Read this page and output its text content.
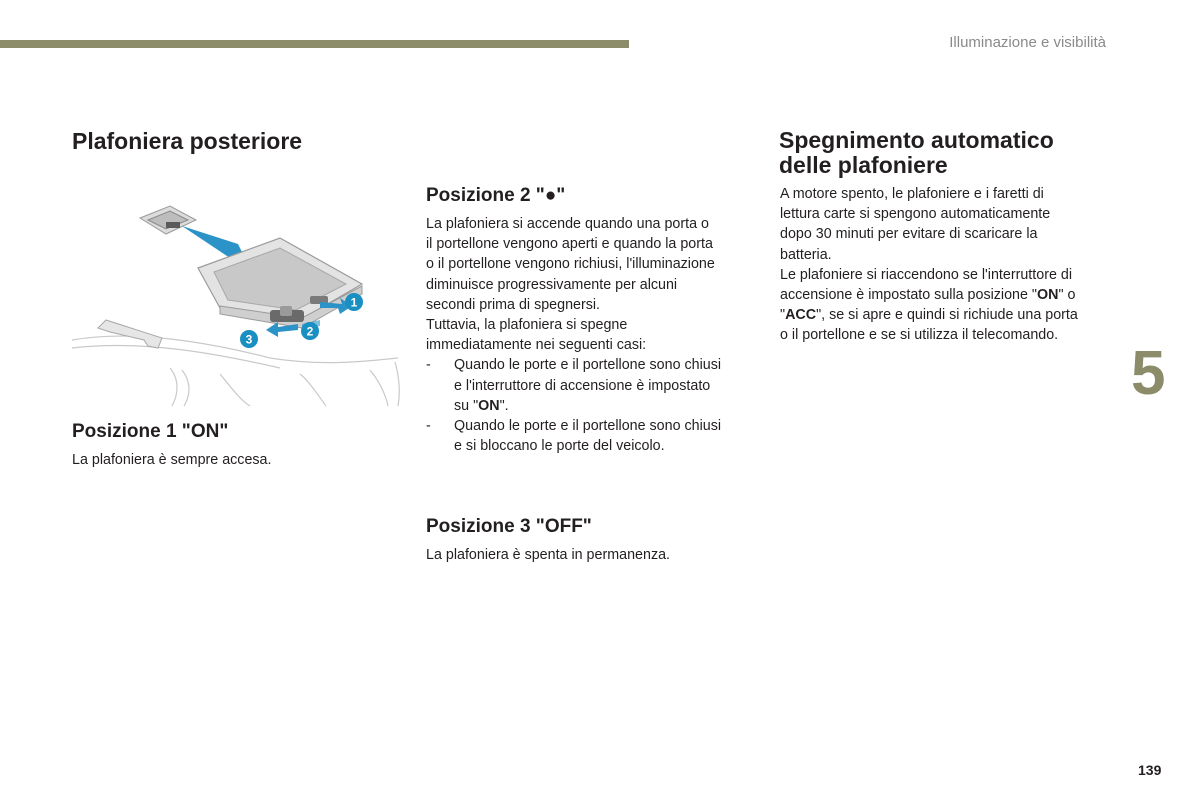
Illuminazione e visibilità
Plafoniera posteriore
1
2
3
Posizione 1 "ON"

La plafoniera è sempre accesa.

Posizione 2 "●"
La plafoniera si accende quando una porta o
il portellone vengono aperti e quando la porta
o il portellone vengono richiusi, l'illuminazione
diminuisce progressivamente per alcuni
secondi prima di spegnersi.
Tuttavia, la plafoniera si spegne
immediatamente nei seguenti casi:
- Quando le porte e il portellone sono chiusi
e l'interruttore di accensione è impostato
su "ON".
- Quando le porte e il portellone sono chiusi
e si bloccano le porte del veicolo.
Posizione 3 "OFF"

La plafoniera è spenta in permanenza.

Spegnimento automatico
delle plafoniere
A motore spento, le plafoniere e i faretti di
lettura carte si spengono automaticamente
dopo 30 minuti per evitare di scaricare la
batteria.
Le plafoniere si riaccendono se l'interruttore di
accensione è impostato sulla posizione "ON" o
"ACC", se si apre e quindi si richiude una porta
o il portellone e se si utilizza il telecomando.
5
139
